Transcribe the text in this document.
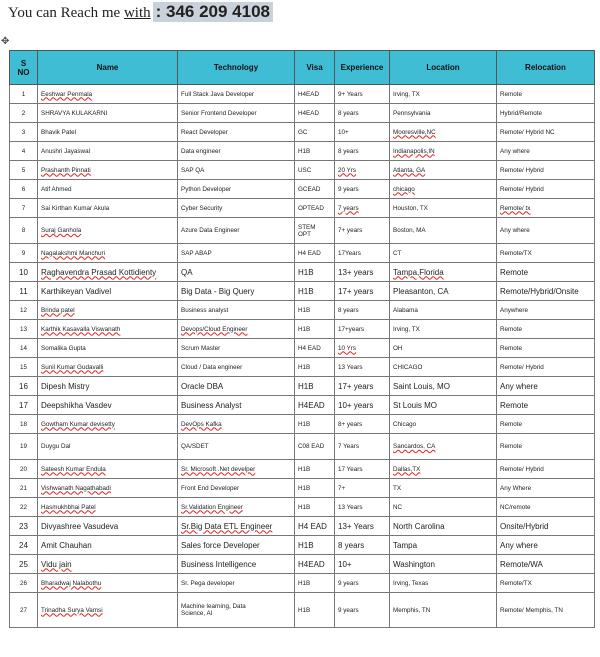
You can Reach me with : 346 209 4108
✥
S
NO	Name	Technology	Visa	Experience	Location	Relocation
1	Eeshwar Penmala	Full Stack Java Developer	H4EAD	9+ Years	Irving, TX	Remote
2	SHRAVYA KULAKARNI	Senior Frontend Developer	H4EAD	8 years	Pennsylvania	Hybrid/Remote
3	Bhavik Patel	React Developer	GC	10+	Mooresville,NC	Remote/ Hybrid NC
4	Anushri Jayaswal	Data engineer	H1B	8 years	Indianapolis,IN	Any where
5	Prashanth Pinnati	SAP QA	USC	20 Yrs	Atlanta, GA	Remote/ Hybrid
6	Atif Ahmed	Python Developer	GCEAD	9 years	chicago	Remote/ Hybrid
7	Sai Kirthan Kumar Akula	Cyber Security	OPTEAD	7 years	Houston, TX	Remote/ tx
8	Suraj Ganhola	Azure Data Engineer	STEM
OPT	7+ years	Boston, MA	Any where
9	Nagalakshmi Manchuri	SAP ABAP	H4 EAD	17Years	CT	Remote/TX
10	Raghavendra Prasad Kottidienty	QA	H1B	13+ years	Tampa,Florida	Remote
11	Karthikeyan Vadivel	Big Data - Big Query	H1B	17+ years	Pleasanton, CA	Remote/Hybrid/Onsite
12	Brinda patel	Business analyst	H1B	8 years	Alabama	Anywhere
13	Karthik Kasavalla Viswanath	Devops/Cloud Engineer	H1B	17+years	Irving, TX	Remote
14	Somalika Gupta	Scrum Master	H4 EAD	10 Yrs	OH	Remote
15	Sunil Kumar Gudavalli	Cloud / Data engineer	H1B	13 Years	CHICAGO	Remote/ Hybrid
16	Dipesh Mistry	Oracle DBA	H1B	17+ years	Saint Louis, MO	Any where
17	Deepshikha Vasdev	Business Analyst	H4EAD	10+ years	St Louis MO	Remote
18	Gowtham Kumar devisetty	DevOps Kafka	H1B	8+ years	Chicago	Remote
19	Duygu Dal	QA/SDET	C08 EAD	7 Years	Sancardos, CA	Remote
20	Sateesh Kumar Endula	Sr. Microsoft .Net develper	H1B	17 Years	Dallas,TX	Remote/ Hybrid
21	Vishwanath Nagathabadi	Front End Developer	H1B	7+	TX	Any Where
22	Hasmukhbhai Patel	Sr.Validation Engineer	H1B	13 Years	NC	NC/remote
23	Divyashree Vasudeva	Sr.Big Data ETL Engineer	H4 EAD	13+ Years	North Carolina	Onsite/Hybrid
24	Amit Chauhan	Sales force Developer	H1B	8 years	Tampa	Any where
25	Vidu jain	Business Intelligence	H4EAD	10+	Washington	Remote/WA
26	Bharadwaj Nalabothu	Sr. Pega developer	H1B	9 years	Irving, Texas	Remote/TX
27	Trinadha Surya Vamsi	Machine learning, Data
Science, AI	H1B	9 years	Memphis, TN	Remote/ Memphis, TN
